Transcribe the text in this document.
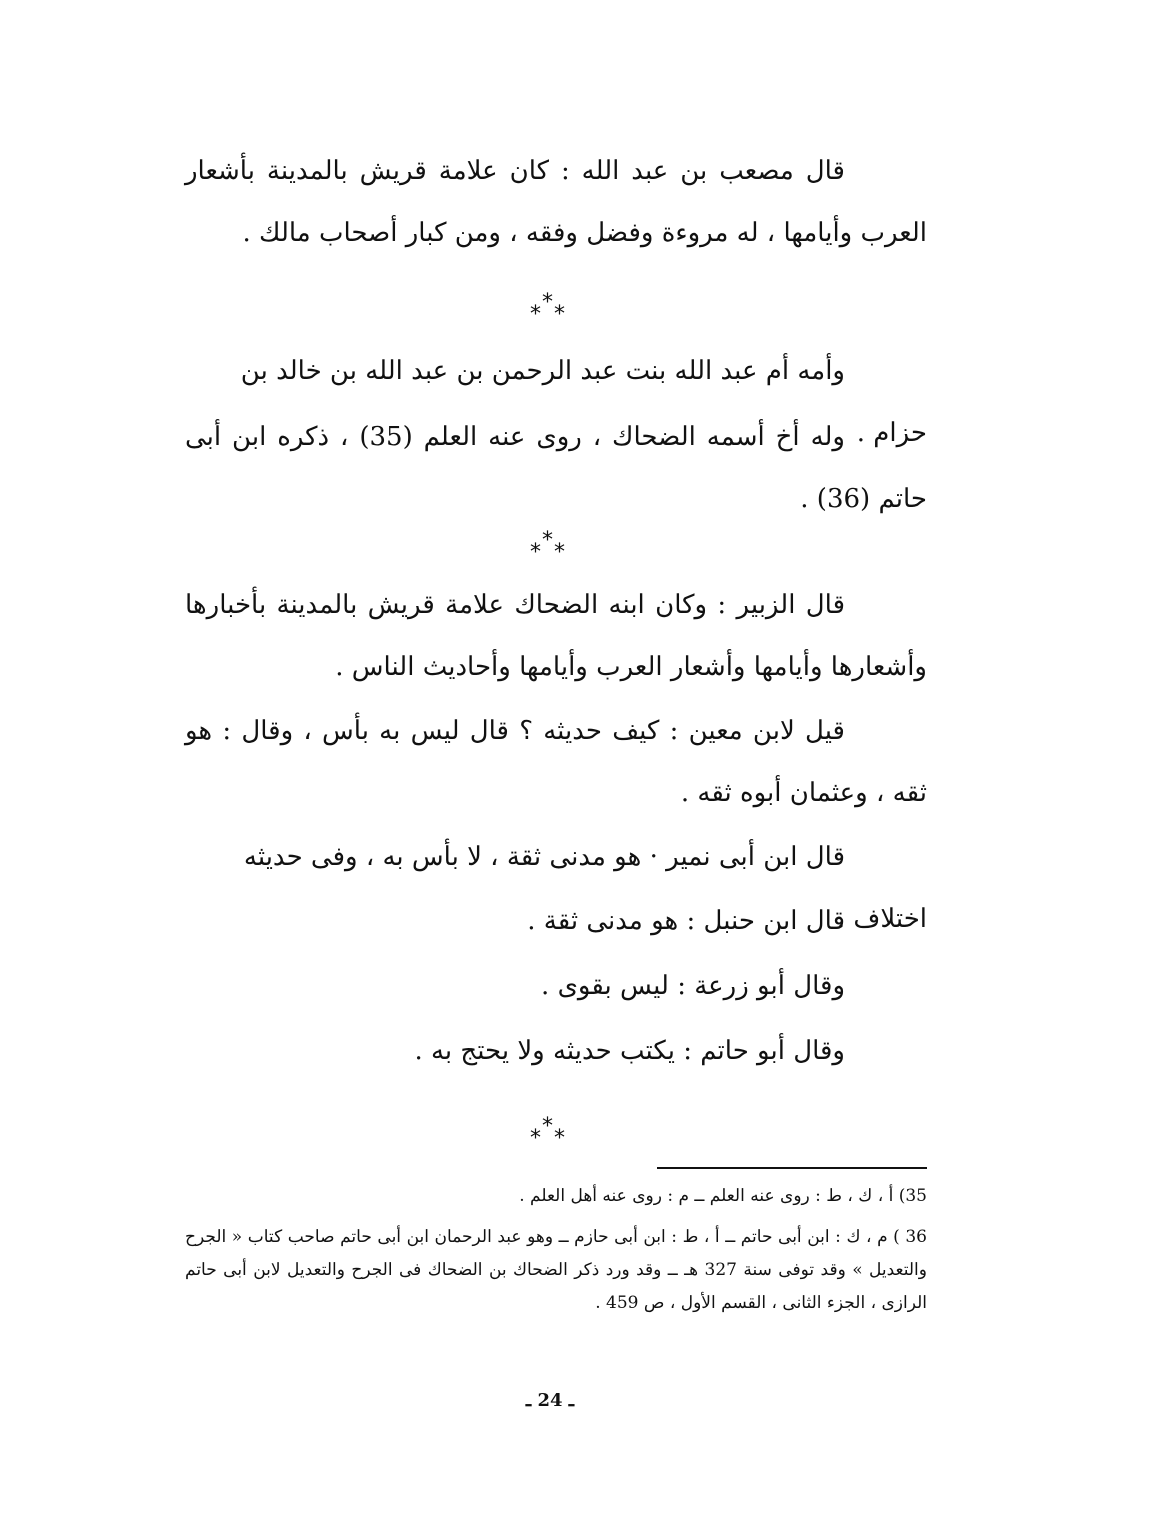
قال مصعب بن عبد الله : كان علامة قريش بالمدينة بأشعار العرب وأيامها ، له مروءة وفضل وفقه ، ومن كبار أصحاب مالك .

*
* *

وأمه أم عبد الله بنت عبد الرحمن بن عبد الله بن خالد بن حزام .

وله أخ أسمه الضحاك ، روى عنه العلم (35) ، ذكره ابن أبى حاتم (36) .

*
* *

قال الزبير : وكان ابنه الضحاك علامة قريش بالمدينة بأخبارها وأشعارها وأيامها وأشعار العرب وأيامها وأحاديث الناس .

قيل لابن معين : كيف حديثه ؟ قال ليس به بأس ، وقال : هو ثقه ، وعثمان أبوه ثقه .

قال ابن أبى نمير · هو مدنى ثقة ، لا بأس به ، وفى حديثه اختلاف .

قال ابن حنبل : هو مدنى ثقة .

وقال أبو زرعة : ليس بقوى .

وقال أبو حاتم : يكتب حديثه ولا يحتج به .

*
* *

35) أ ، ك ، ط : روى عنه العلم ــ م : روى عنه أهل العلم .

36 ) م ، ك : ابن أبى حاتم ــ أ ، ط : ابن أبى حازم ــ وهو عبد الرحمان ابن أبى حاتم صاحب كتاب « الجرح والتعديل » وقد توفى سنة 327 هـ ــ وقد ورد ذكر الضحاك بن الضحاك فى الجرح والتعديل لابن أبى حاتم الرازى ، الجزء الثانى ، القسم الأول ، ص 459 .

ـ 24 ـ
